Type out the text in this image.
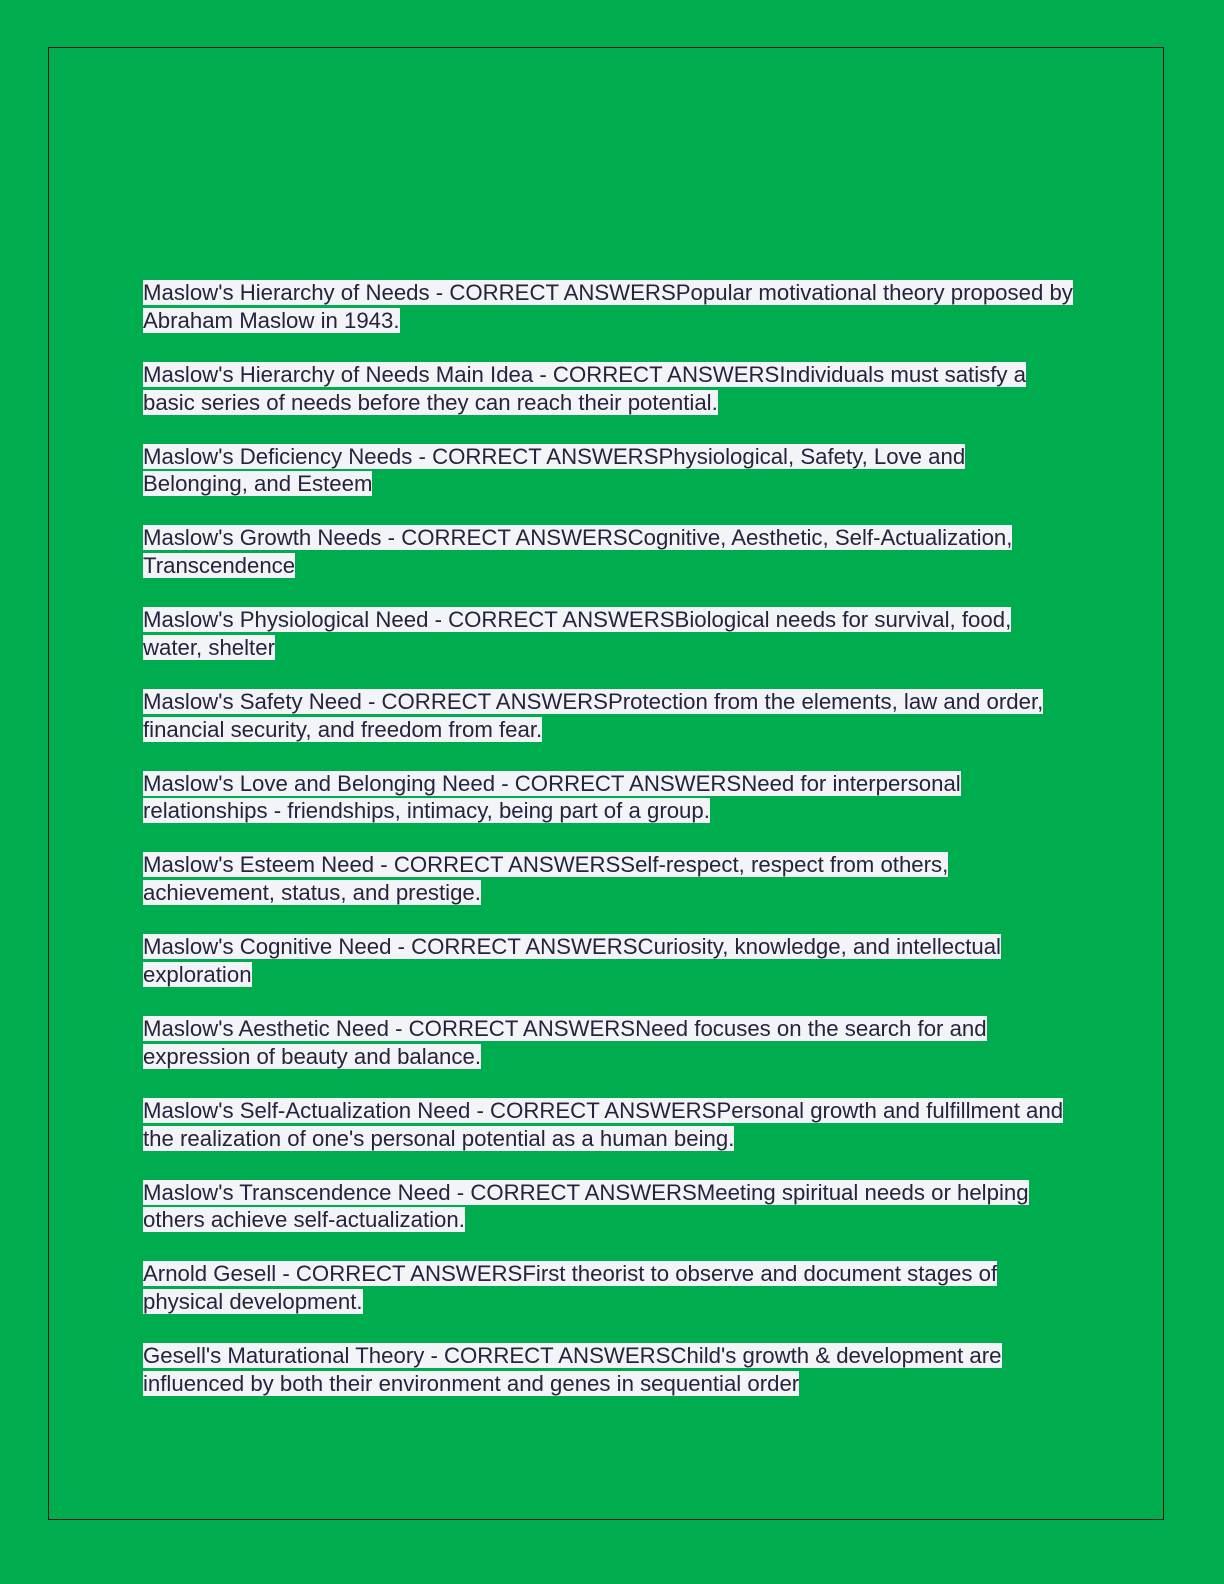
Maslow's Hierarchy of Needs - CORRECT ANSWERSPopular motivational theory proposed by Abraham Maslow in 1943.
Maslow's Hierarchy of Needs Main Idea - CORRECT ANSWERSIndividuals must satisfy a basic series of needs before they can reach their potential.
Maslow's Deficiency Needs - CORRECT ANSWERSPhysiological, Safety, Love and Belonging, and Esteem
Maslow's Growth Needs - CORRECT ANSWERSCognitive, Aesthetic, Self-Actualization, Transcendence
Maslow's Physiological Need - CORRECT ANSWERSBiological needs for survival, food, water, shelter
Maslow's Safety Need - CORRECT ANSWERSProtection from the elements, law and order, financial security, and freedom from fear.
Maslow's Love and Belonging Need - CORRECT ANSWERSNeed for interpersonal relationships - friendships, intimacy, being part of a group.
Maslow's Esteem Need - CORRECT ANSWERSSelf-respect, respect from others, achievement, status, and prestige.
Maslow's Cognitive Need - CORRECT ANSWERSCuriosity, knowledge, and intellectual exploration
Maslow's Aesthetic Need - CORRECT ANSWERSNeed focuses on the search for and expression of beauty and balance.
Maslow's Self-Actualization Need - CORRECT ANSWERSPersonal growth and fulfillment and the realization of one's personal potential as a human being.
Maslow's Transcendence Need - CORRECT ANSWERSMeeting spiritual needs or helping others achieve self-actualization.
Arnold Gesell - CORRECT ANSWERSFirst theorist to observe and document stages of physical development.
Gesell's Maturational Theory - CORRECT ANSWERSChild's growth & development are influenced by both their environment and genes in sequential order
